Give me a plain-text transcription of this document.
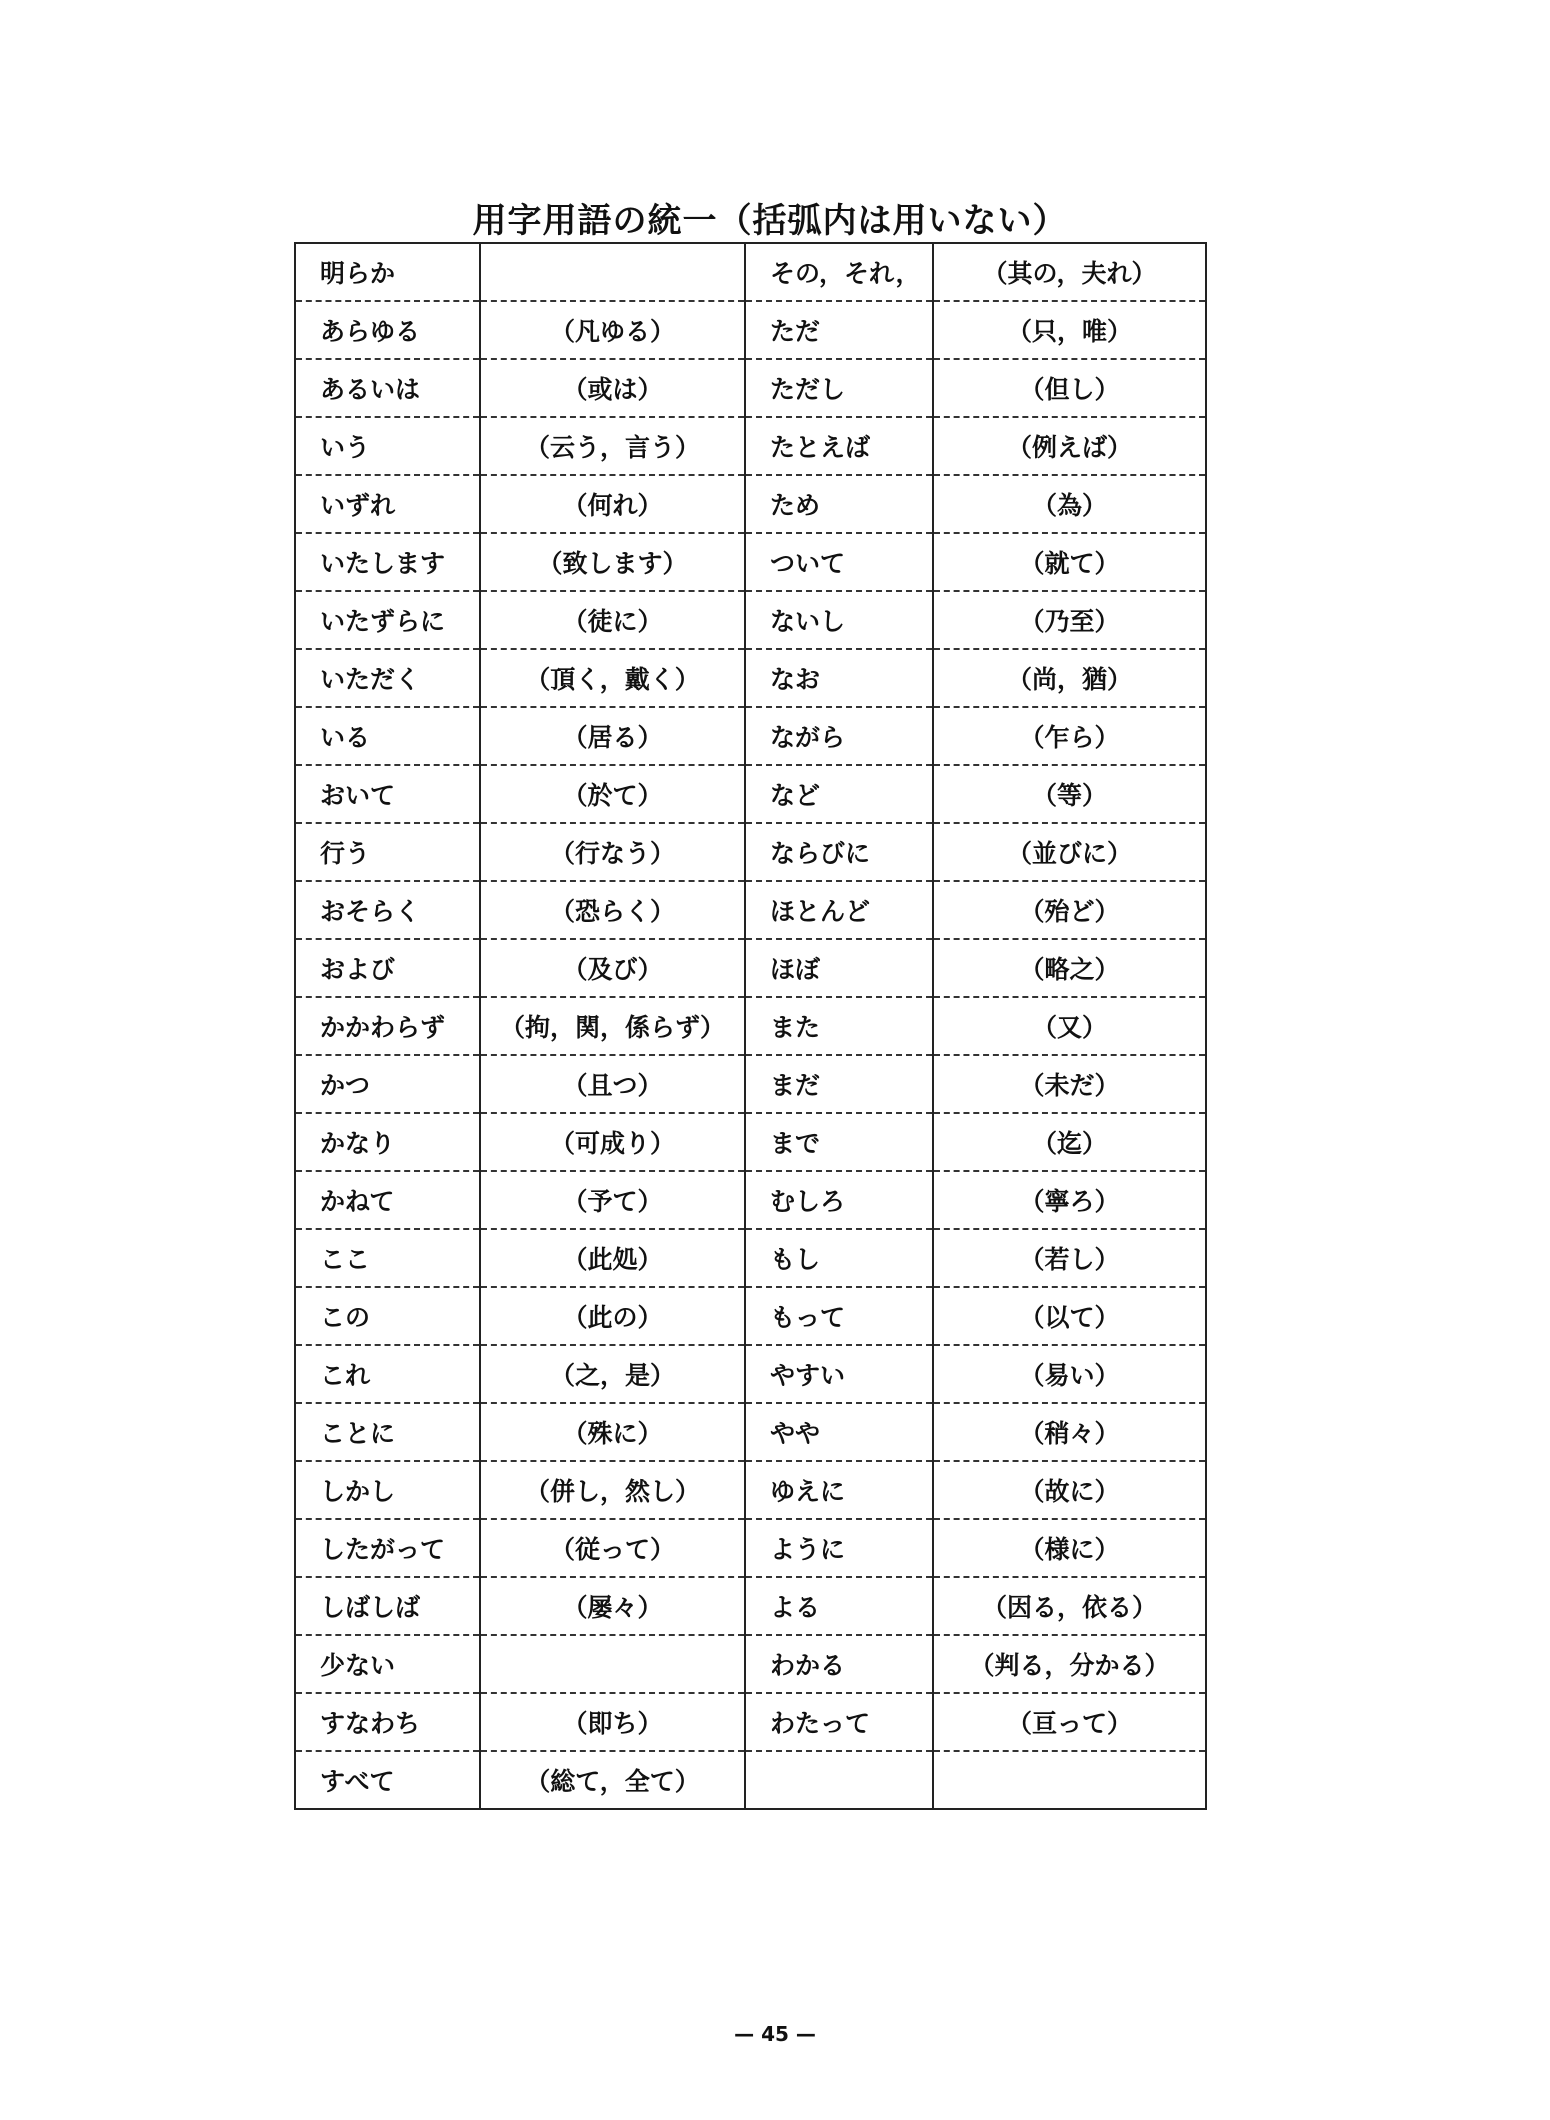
用字用語の統一（括弧内は用いない）
明らか		その，それ，	（其の，夫れ）
あらゆる	（凡ゆる）	ただ	（只，唯）
あるいは	（或は）	ただし	（但し）
いう	（云う，言う）	たとえば	（例えば）
いずれ	（何れ）	ため	（為）
いたします	（致します）	ついて	（就て）
いたずらに	（徒に）	ないし	（乃至）
いただく	（頂く，戴く）	なお	（尚，猶）
いる	（居る）	ながら	（乍ら）
おいて	（於て）	など	（等）
行う	（行なう）	ならびに	（並びに）
おそらく	（恐らく）	ほとんど	（殆ど）
および	（及び）	ほぼ	（略之）
かかわらず	（拘，関，係らず）	また	（又）
かつ	（且つ）	まだ	（未だ）
かなり	（可成り）	まで	（迄）
かねて	（予て）	むしろ	（寧ろ）
ここ	（此処）	もし	（若し）
この	（此の）	もって	（以て）
これ	（之，是）	やすい	（易い）
ことに	（殊に）	やや	（稍々）
しかし	（併し，然し）	ゆえに	（故に）
したがって	（従って）	ように	（様に）
しばしば	（屡々）	よる	（因る，依る）
少ない		わかる	（判る，分かる）
すなわち	（即ち）	わたって	（亘って）
すべて	（総て，全て）		
— 45 —
